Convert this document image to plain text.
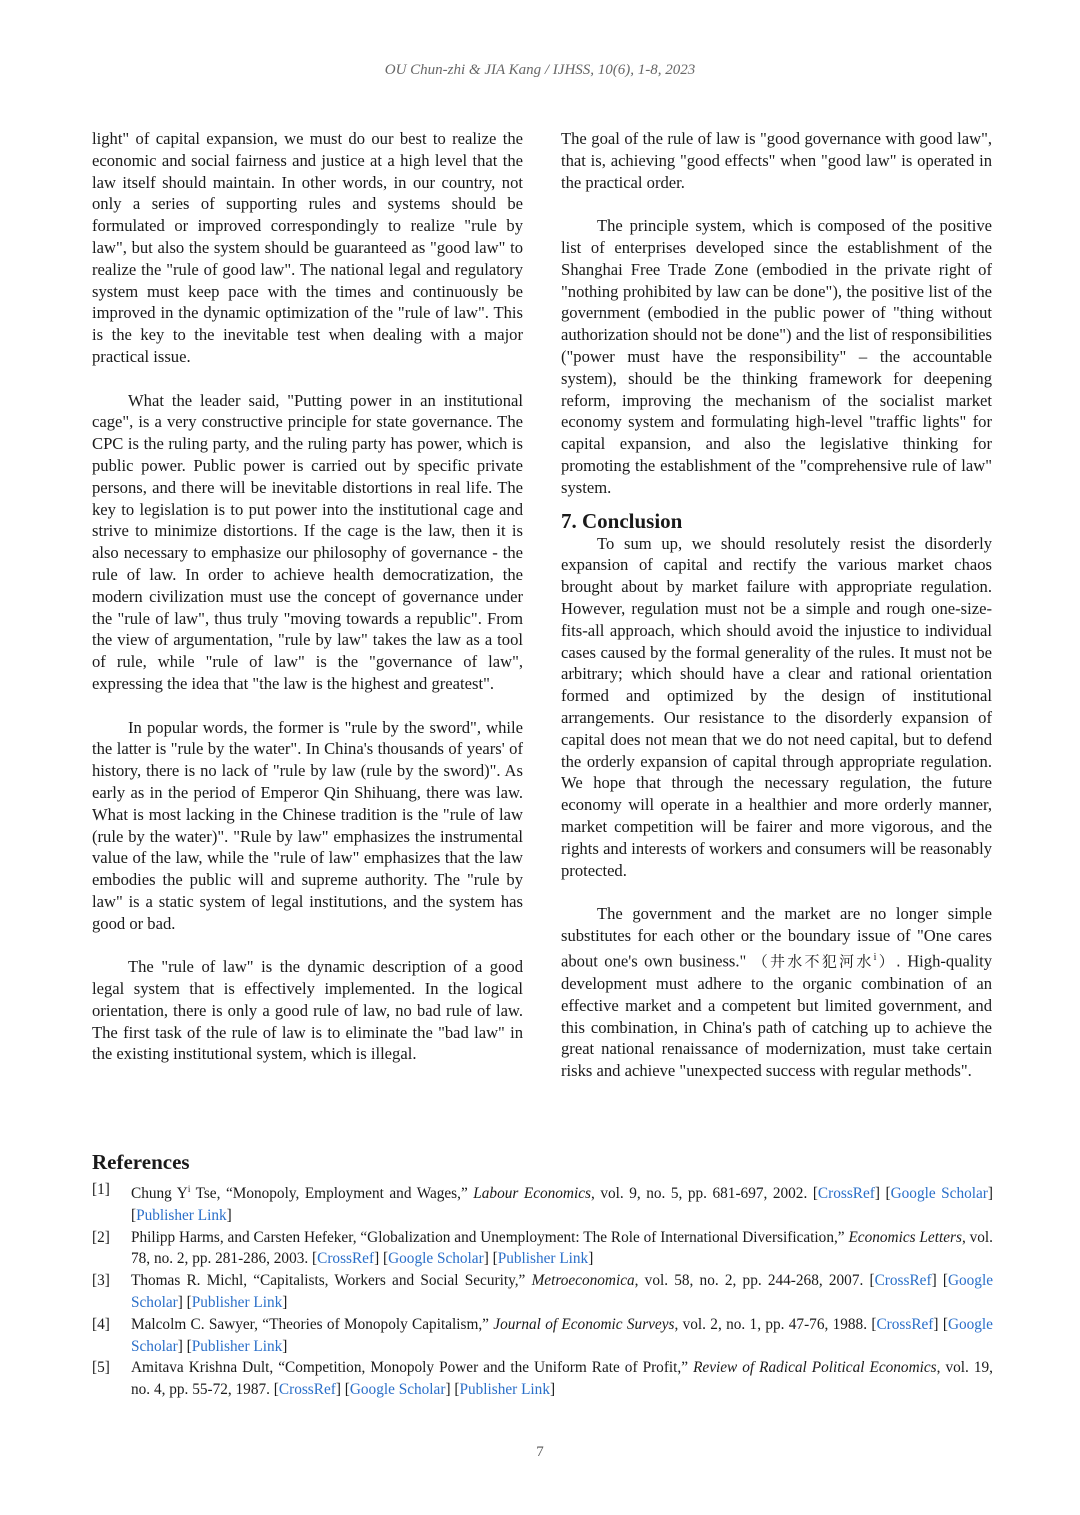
OU Chun-zhi & JIA Kang / IJHSS, 10(6), 1-8, 2023

light" of capital expansion, we must do our best to realize the economic and social fairness and justice at a high level that the law itself should maintain. In other words, in our country, not only a series of supporting rules and systems should be formulated or improved correspondingly to realize "rule by law", but also the system should be guaranteed as "good law" to realize the "rule of good law". The national legal and regulatory system must keep pace with the times and continuously be improved in the dynamic optimization of the "rule of law". This is the key to the inevitable test when dealing with a major practical issue.

What the leader said, "Putting power in an institutional cage", is a very constructive principle for state governance. The CPC is the ruling party, and the ruling party has power, which is public power. Public power is carried out by specific private persons, and there will be inevitable distortions in real life. The key to legislation is to put power into the institutional cage and strive to minimize distortions. If the cage is the law, then it is also necessary to emphasize our philosophy of governance - the rule of law. In order to achieve health democratization, the modern civilization must use the concept of governance under the "rule of law", thus truly "moving towards a republic". From the view of argumentation, "rule by law" takes the law as a tool of rule, while "rule of law" is the "governance of law", expressing the idea that "the law is the highest and greatest".

In popular words, the former is "rule by the sword", while the latter is "rule by the water". In China's thousands of years' of history, there is no lack of "rule by law (rule by the sword)". As early as in the period of Emperor Qin Shihuang, there was law. What is most lacking in the Chinese tradition is the "rule of law (rule by the water)". "Rule by law" emphasizes the instrumental value of the law, while the "rule of law" emphasizes that the law embodies the public will and supreme authority. The "rule by law" is a static system of legal institutions, and the system has good or bad.

The "rule of law" is the dynamic description of a good legal system that is effectively implemented. In the logical orientation, there is only a good rule of law, no bad rule of law. The first task of the rule of law is to eliminate the "bad law" in the existing institutional system, which is illegal.

The goal of the rule of law is "good governance with good law", that is, achieving "good effects" when "good law" is operated in the practical order.

The principle system, which is composed of the positive list of enterprises developed since the establishment of the Shanghai Free Trade Zone (embodied in the private right of "nothing prohibited by law can be done"), the positive list of the government (embodied in the public power of "thing without authorization should not be done") and the list of responsibilities ("power must have the responsibility" – the accountable system), should be the thinking framework for deepening reform, improving the mechanism of the socialist market economy system and formulating high-level "traffic lights" for capital expansion, and also the legislative thinking for promoting the establishment of the "comprehensive rule of law" system.

7. Conclusion

To sum up, we should resolutely resist the disorderly expansion of capital and rectify the various market chaos brought about by market failure with appropriate regulation. However, regulation must not be a simple and rough one-size-fits-all approach, which should avoid the injustice to individual cases caused by the formal generality of the rules. It must not be arbitrary; which should have a clear and rational orientation formed and optimized by the design of institutional arrangements. Our resistance to the disorderly expansion of capital does not mean that we do not need capital, but to defend the orderly expansion of capital through appropriate regulation. We hope that through the necessary regulation, the future economy will operate in a healthier and more orderly manner, market competition will be fairer and more vigorous, and the rights and interests of workers and consumers will be reasonably protected.

The government and the market are no longer simple substitutes for each other or the boundary issue of "One cares about one's own business." （井水不犯河水$^i$）. High-quality development must adhere to the organic combination of an effective market and a competent but limited government, and this combination, in China's path of catching up to achieve the great national renaissance of modernization, must take certain risks and achieve "unexpected success with regular methods".

References
[1]	Chung $Y^i$ Tse, “Monopoly, Employment and Wages,” Labour Economics, vol. 9, no. 5, pp. 681-697, 2002. [CrossRef] [Google Scholar] [Publisher Link]
[2]	Philipp Harms, and Carsten Hefeker, “Globalization and Unemployment: The Role of International Diversification,” Economics Letters, vol. 78, no. 2, pp. 281-286, 2003. [CrossRef] [Google Scholar] [Publisher Link]
[3]	Thomas R. Michl, “Capitalists, Workers and Social Security,” Metroeconomica, vol. 58, no. 2, pp. 244-268, 2007. [CrossRef] [Google Scholar] [Publisher Link]
[4]	Malcolm C. Sawyer, “Theories of Monopoly Capitalism,” Journal of Economic Surveys, vol. 2, no. 1, pp. 47-76, 1988. [CrossRef] [Google Scholar] [Publisher Link]
[5]	Amitava Krishna Dult, “Competition, Monopoly Power and the Uniform Rate of Profit,” Review of Radical Political Economics, vol. 19, no. 4, pp. 55-72, 1987. [CrossRef] [Google Scholar] [Publisher Link]
7
